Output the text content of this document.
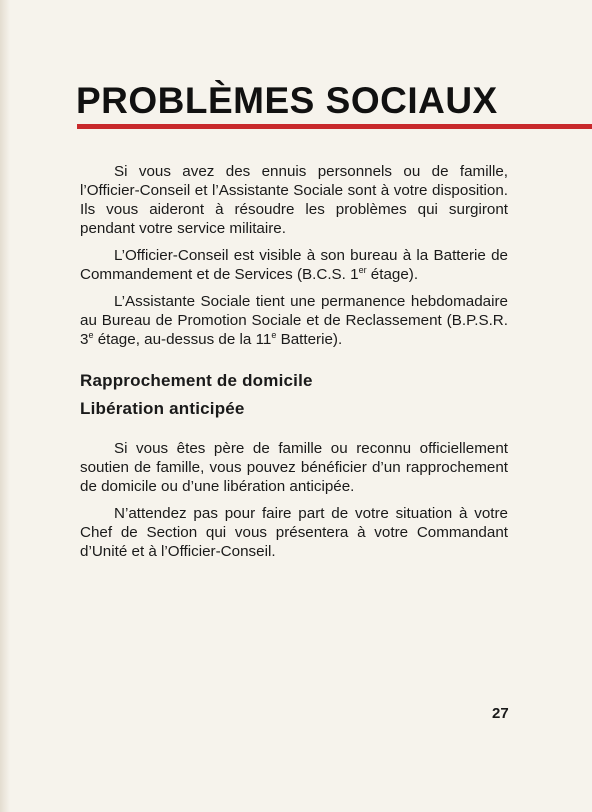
PROBLÈMES SOCIAUX

Si vous avez des ennuis personnels ou de famille, l’Officier-Conseil et l’Assistante Sociale sont à votre disposition. Ils vous aideront à résoudre les problèmes qui surgiront pendant votre service militaire.

L’Officier-Conseil est visible à son bureau à la Batterie de Commandement et de Services (B.C.S. 1er étage).

L’Assistante Sociale tient une permanence hebdomadaire au Bureau de Promotion Sociale et de Reclassement (B.P.S.R. 3e étage, au-dessus de la 11e Batterie).

Rapprochement de domicile
Libération anticipée

Si vous êtes père de famille ou reconnu officiellement soutien de famille, vous pouvez bénéficier d’un rapprochement de domicile ou d’une libération anticipée.

N’attendez pas pour faire part de votre situation à votre Chef de Section qui vous présentera à votre Commandant d’Unité et à l’Officier-Conseil.

27
